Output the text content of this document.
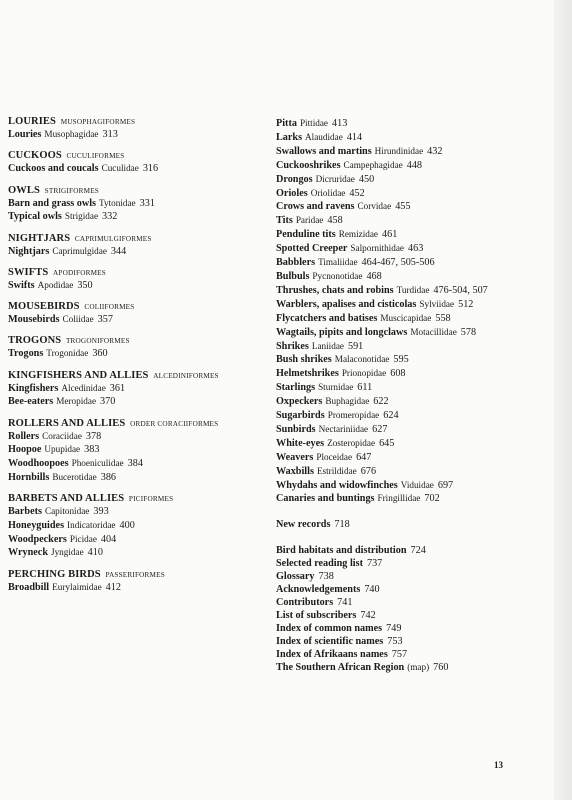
LOURIES MUSOPHAGIFORMES
Louries Musophagidae 313
CUCKOOS CUCULIFORMES
Cuckoos and coucals Cuculidae 316
OWLS STRIGIFORMES
Barn and grass owls Tytonidae 331
Typical owls Strigidae 332
NIGHTJARS CAPRIMULGIFORMES
Nightjars Caprimulgidae 344
SWIFTS APODIFORMES
Swifts Apodidae 350
MOUSEBIRDS COLIIFORMES
Mousebirds Coliidae 357
TROGONS TROGONIFORMES
Trogons Trogonidae 360
KINGFISHERS AND ALLIES ALCEDINIFORMES
Kingfishers Alcedinidae 361
Bee-eaters Meropidae 370
ROLLERS AND ALLIES ORDER CORACIIFORMES
Rollers Coraciidae 378
Hoopoe Upupidae 383
Woodhoopoes Phoeniculidae 384
Hornbills Bucerotidae 386
BARBETS AND ALLIES PICIFORMES
Barbets Capitonidae 393
Honeyguides Indicatoridae 400
Woodpeckers Picidae 404
Wryneck Jyngidae 410
PERCHING BIRDS PASSERIFORMES
Broadbill Eurylaimidae 412
Pitta Pittidae 413
Larks Alaudidae 414
Swallows and martins Hirundinidae 432
Cuckooshrikes Campephagidae 448
Drongos Dicruridae 450
Orioles Oriolidae 452
Crows and ravens Corvidae 455
Tits Paridae 458
Penduline tits Remizidae 461
Spotted Creeper Salpornithidae 463
Babblers Timaliidae 464-467, 505-506
Bulbuls Pycnonotidae 468
Thrushes, chats and robins Turdidae 476-504, 507
Warblers, apalises and cisticolas Sylviidae 512
Flycatchers and batises Muscicapidae 558
Wagtails, pipits and longclaws Motacillidae 578
Shrikes Laniidae 591
Bush shrikes Malaconotidae 595
Helmetshrikes Prionopidae 608
Starlings Sturnidae 611
Oxpeckers Buphagidae 622
Sugarbirds Promeropidae 624
Sunbirds Nectariniidae 627
White-eyes Zosteropidae 645
Weavers Ploceidae 647
Waxbills Estrildidae 676
Whydahs and widowfinches Viduidae 697
Canaries and buntings Fringillidae 702
New records 718
Bird habitats and distribution 724
Selected reading list 737
Glossary 738
Acknowledgements 740
Contributors 741
List of subscribers 742
Index of common names 749
Index of scientific names 753
Index of Afrikaans names 757
The Southern African Region (map) 760
13
